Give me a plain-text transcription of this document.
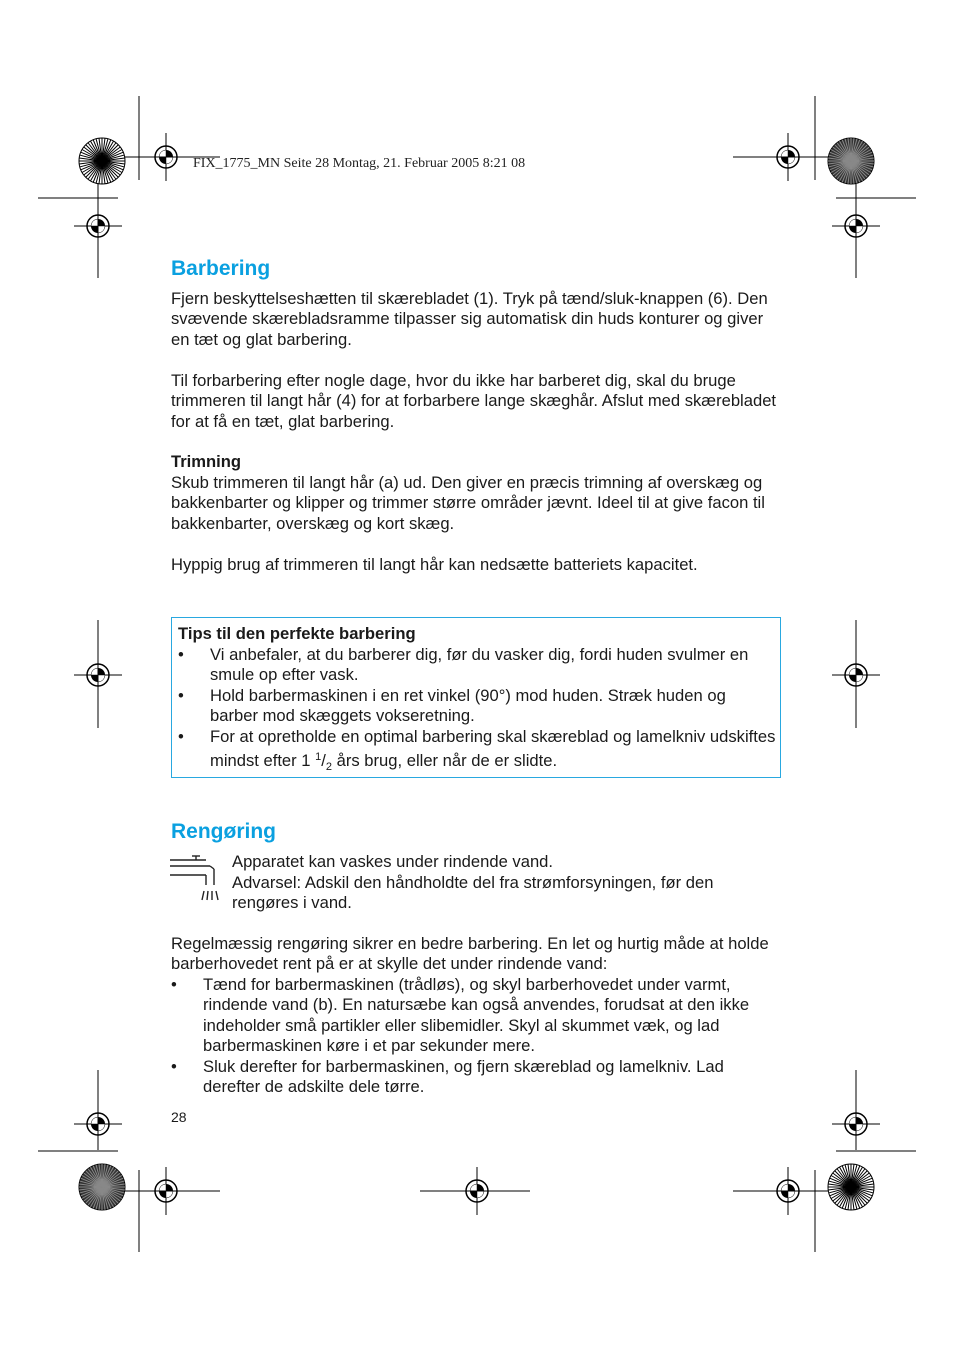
FIX_1775_MN Seite 28 Montag, 21. Februar 2005 8:21 08
Barbering

Fjern beskyttelseshætten til skærebladet (1). Tryk på tænd/sluk-knappen (6). Den svævende skærebladsramme tilpasser sig automatisk din huds konturer og giver en tæt og glat barbering.

Til forbarbering efter nogle dage, hvor du ikke har barberet dig, skal du bruge trimmeren til langt hår (4) for at forbarbere lange skæghår. Afslut med skærebladet for at få en tæt, glat barbering.

Trimning

Skub trimmeren til langt hår (a) ud. Den giver en præcis trimning af overskæg og bakkenbarter og klipper og trimmer større områder jævnt. Ideel til at give facon til bakkenbarter, overskæg og kort skæg.

Hyppig brug af trimmeren til langt hår kan nedsætte batteriets kapacitet.

Tips til den perfekte barbering
• Vi anbefaler, at du barberer dig, før du vasker dig, fordi huden svulmer en smule op efter vask.
• Hold barbermaskinen i en ret vinkel (90°) mod huden. Stræk huden og barber mod skæggets vokseretning.
• For at opretholde en optimal barbering skal skæreblad og lamelkniv udskiftes mindst efter 1 $^1/_2$ års brug, eller når de er slidte.
Rengøring

Apparatet kan vaskes under rindende vand.

Advarsel: Adskil den håndholdte del fra strømforsyningen, før den rengøres i vand.

Regelmæssig rengøring sikrer en bedre barbering. En let og hurtig måde at holde barberhovedet rent på er at skylle det under rindende vand:

• Tænd for barbermaskinen (trådløs), og skyl barberhovedet under varmt, rindende vand (b). En natursæbe kan også anvendes, forudsat at den ikke indeholder små partikler eller slibemidler. Skyl al skummet væk, og lad barbermaskinen køre i et par sekunder mere.
• Sluk derefter for barbermaskinen, og fjern skæreblad og lamelkniv. Lad derefter de adskilte dele tørre.
28
